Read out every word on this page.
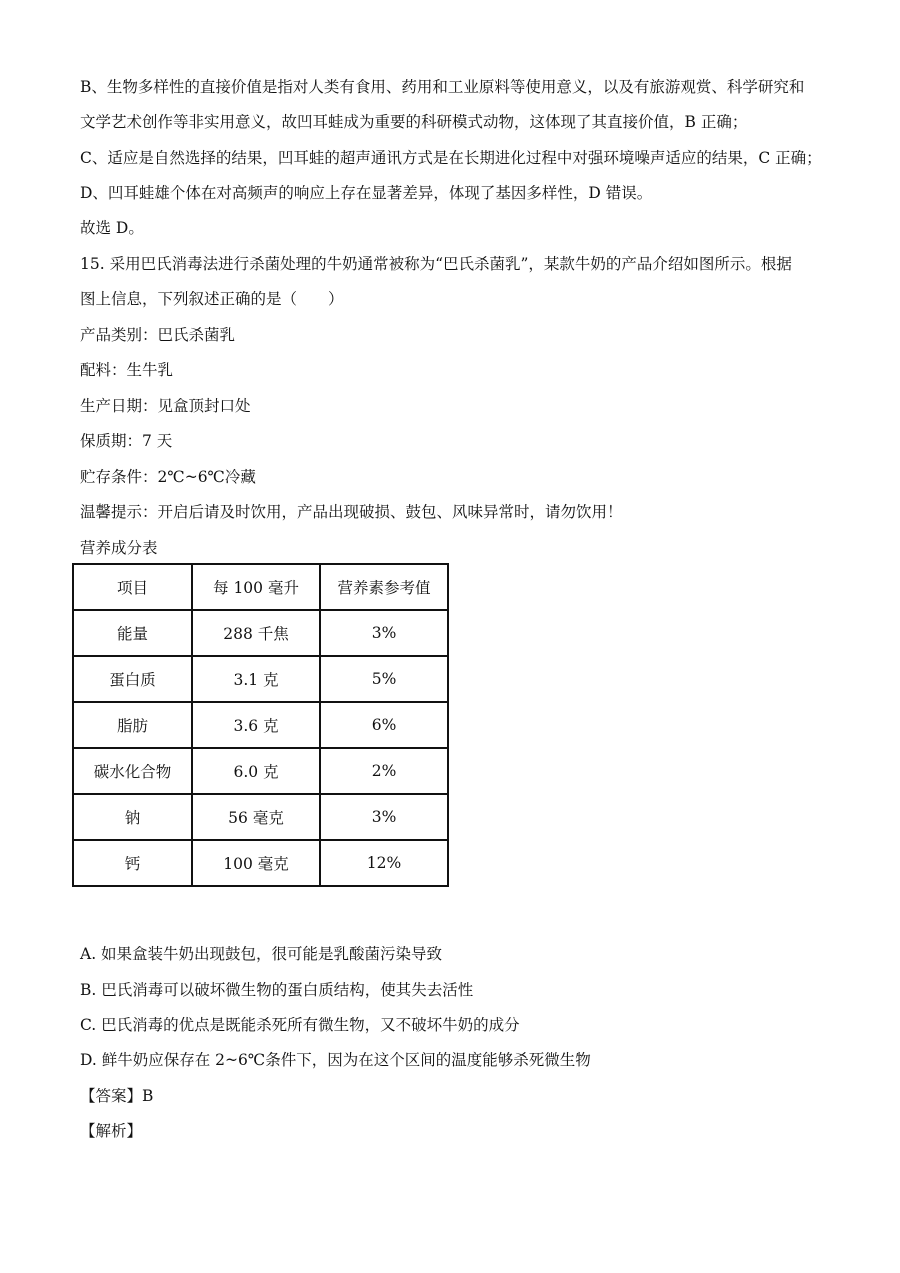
B、生物多样性的直接价值是指对人类有食用、药用和工业原料等使用意义，以及有旅游观赏、科学研究和
文学艺术创作等非实用意义，故凹耳蛙成为重要的科研模式动物，这体现了其直接价值，B 正确；
C、适应是自然选择的结果，凹耳蛙的超声通讯方式是在长期进化过程中对强环境噪声适应的结果，C 正确；
D、凹耳蛙雄个体在对高频声的响应上存在显著差异，体现了基因多样性，D 错误。
故选 D。
15. 采用巴氏消毒法进行杀菌处理的牛奶通常被称为“巴氏杀菌乳”，某款牛奶的产品介绍如图所示。根据
图上信息，下列叙述正确的是（　　）
产品类别：巴氏杀菌乳
配料：生牛乳
生产日期：见盒顶封口处
保质期：7 天
贮存条件：2℃~6℃冷藏
温馨提示：开启后请及时饮用，产品出现破损、鼓包、风味异常时，请勿饮用！
营养成分表
项目	每 100 毫升	营养素参考值
能量	288 千焦	3%
蛋白质	3.1 克	5%
脂肪	3.6 克	6%
碳水化合物	6.0 克	2%
钠	56 毫克	3%
钙	100 毫克	12%
A. 如果盒装牛奶出现鼓包，很可能是乳酸菌污染导致
B. 巴氏消毒可以破坏微生物的蛋白质结构，使其失去活性
C. 巴氏消毒的优点是既能杀死所有微生物，又不破坏牛奶的成分
D. 鲜牛奶应保存在 2~6℃条件下，因为在这个区间的温度能够杀死微生物
【答案】B
【解析】
